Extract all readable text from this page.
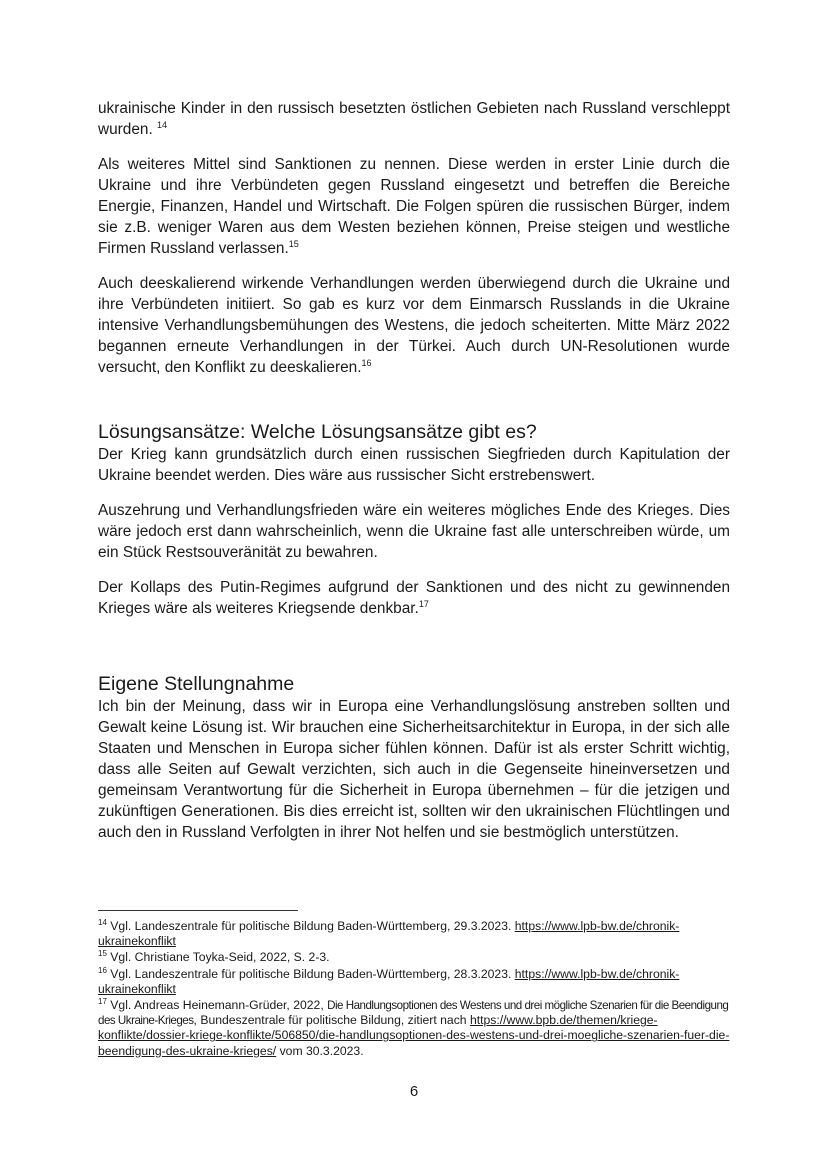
ukrainische Kinder in den russisch besetzten östlichen Gebieten nach Russland verschleppt wurden. $^{14}$

Als weiteres Mittel sind Sanktionen zu nennen. Diese werden in erster Linie durch die Ukraine und ihre Verbündeten gegen Russland eingesetzt und betreffen die Bereiche Energie, Finanzen, Handel und Wirtschaft. Die Folgen spüren die russischen Bürger, indem sie z.B. weniger Waren aus dem Westen beziehen können, Preise steigen und westliche Firmen Russland verlassen.$^{15}$

Auch deeskalierend wirkende Verhandlungen werden überwiegend durch die Ukraine und ihre Verbündeten initiiert. So gab es kurz vor dem Einmarsch Russlands in die Ukraine intensive Verhandlungsbemühungen des Westens, die jedoch scheiterten. Mitte März 2022 begannen erneute Verhandlungen in der Türkei. Auch durch UN-Resolutionen wurde versucht, den Konflikt zu deeskalieren.$^{16}$

Lösungsansätze: Welche Lösungsansätze gibt es?

Der Krieg kann grundsätzlich durch einen russischen Siegfrieden durch Kapitulation der Ukraine beendet werden. Dies wäre aus russischer Sicht erstrebenswert.

Auszehrung und Verhandlungsfrieden wäre ein weiteres mögliches Ende des Krieges. Dies wäre jedoch erst dann wahrscheinlich, wenn die Ukraine fast alle unterschreiben würde, um ein Stück Restsouveränität zu bewahren.

Der Kollaps des Putin-Regimes aufgrund der Sanktionen und des nicht zu gewinnenden Krieges wäre als weiteres Kriegsende denkbar.$^{17}$

Eigene Stellungnahme

Ich bin der Meinung, dass wir in Europa eine Verhandlungslösung anstreben sollten und Gewalt keine Lösung ist. Wir brauchen eine Sicherheitsarchitektur in Europa, in der sich alle Staaten und Menschen in Europa sicher fühlen können. Dafür ist als erster Schritt wichtig, dass alle Seiten auf Gewalt verzichten, sich auch in die Gegenseite hineinversetzen und gemeinsam Verantwortung für die Sicherheit in Europa übernehmen – für die jetzigen und zukünftigen Generationen. Bis dies erreicht ist, sollten wir den ukrainischen Flüchtlingen und auch den in Russland Verfolgten in ihrer Not helfen und sie bestmöglich unterstützen.

$^{14}$ Vgl. Landeszentrale für politische Bildung Baden-Württemberg, 29.3.2023. https://www.lpb-bw.de/chronik-ukrainekonflikt
$^{15}$ Vgl. Christiane Toyka-Seid, 2022, S. 2-3.
$^{16}$ Vgl. Landeszentrale für politische Bildung Baden-Württemberg, 28.3.2023. https://www.lpb-bw.de/chronik-ukrainekonflikt
$^{17}$ Vgl. Andreas Heinemann-Grüder, 2022, Die Handlungsoptionen des Westens und drei mögliche Szenarien für die Beendigung des Ukraine-Krieges, Bundeszentrale für politische Bildung, zitiert nach https://www.bpb.de/themen/kriege-konflikte/dossier-kriege-konflikte/506850/die-handlungsoptionen-des-westens-und-drei-moegliche-szenarien-fuer-die-beendigung-des-ukraine-krieges/ vom 30.3.2023.
6
